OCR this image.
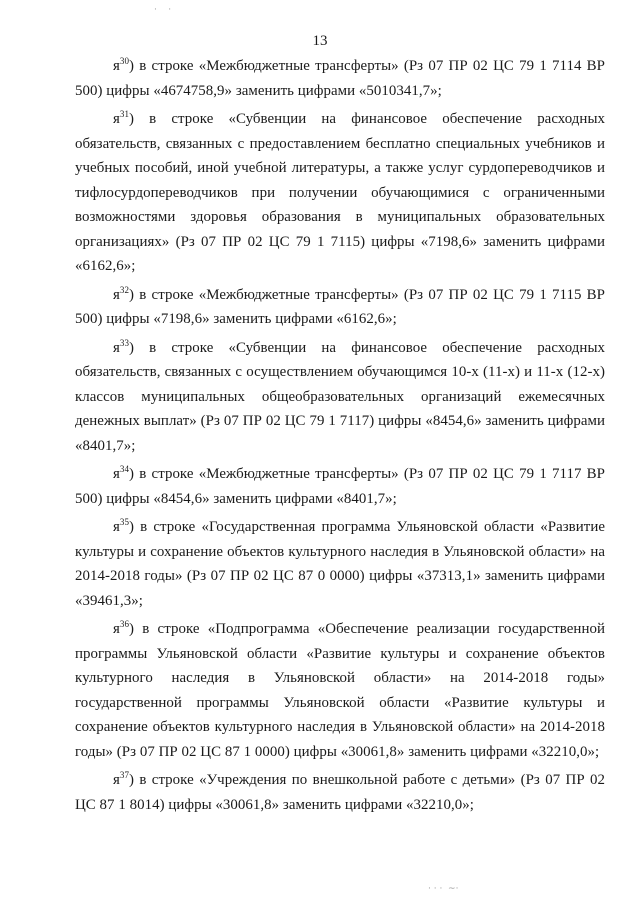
13

$я^{30}$) в строке «Межбюджетные трансферты» (Рз 07 ПР 02 ЦС 79 1 7114 ВР 500) цифры «4674758,9» заменить цифрами «5010341,7»;

$я^{31}$) в строке «Субвенции на финансовое обеспечение расходных обязательств, связанных с предоставлением бесплатно специальных учебников и учебных пособий, иной учебной литературы, а также услуг сурдопереводчиков и тифлосурдопереводчиков при получении обучающимися с ограниченными возможностями здоровья образования в муниципальных образовательных организациях» (Рз 07 ПР 02 ЦС 79 1 7115) цифры «7198,6» заменить цифрами «6162,6»;

$я^{32}$) в строке «Межбюджетные трансферты» (Рз 07 ПР 02 ЦС 79 1 7115 ВР 500) цифры «7198,6» заменить цифрами «6162,6»;

$я^{33}$) в строке «Субвенции на финансовое обеспечение расходных обязательств, связанных с осуществлением обучающимся 10-х (11-х) и 11-х (12-х) классов муниципальных общеобразовательных организаций ежемесячных денежных выплат» (Рз 07 ПР 02 ЦС 79 1 7117) цифры «8454,6» заменить цифрами «8401,7»;

$я^{34}$) в строке «Межбюджетные трансферты» (Рз 07 ПР 02 ЦС 79 1 7117 ВР 500) цифры «8454,6» заменить цифрами «8401,7»;

$я^{35}$) в строке «Государственная программа Ульяновской области «Развитие культуры и сохранение объектов культурного наследия в Ульяновской области» на 2014-2018 годы» (Рз 07 ПР 02 ЦС 87 0 0000) цифры «37313,1» заменить цифрами «39461,3»;

$я^{36}$) в строке «Подпрограмма «Обеспечение реализации государственной программы Ульяновской области «Развитие культуры и сохранение объектов культурного наследия в Ульяновской области» на 2014-2018 годы» государственной программы Ульяновской области «Развитие культуры и сохранение объектов культурного наследия в Ульяновской области» на 2014-2018 годы» (Рз 07 ПР 02 ЦС 87 1 0000) цифры «30061,8» заменить цифрами «32210,0»;

$я^{37}$) в строке «Учреждения по внешкольной работе с детьми» (Рз 07 ПР 02 ЦС 87 1 8014) цифры «30061,8» заменить цифрами «32210,0»;

·    ·
· · ·  ~·
